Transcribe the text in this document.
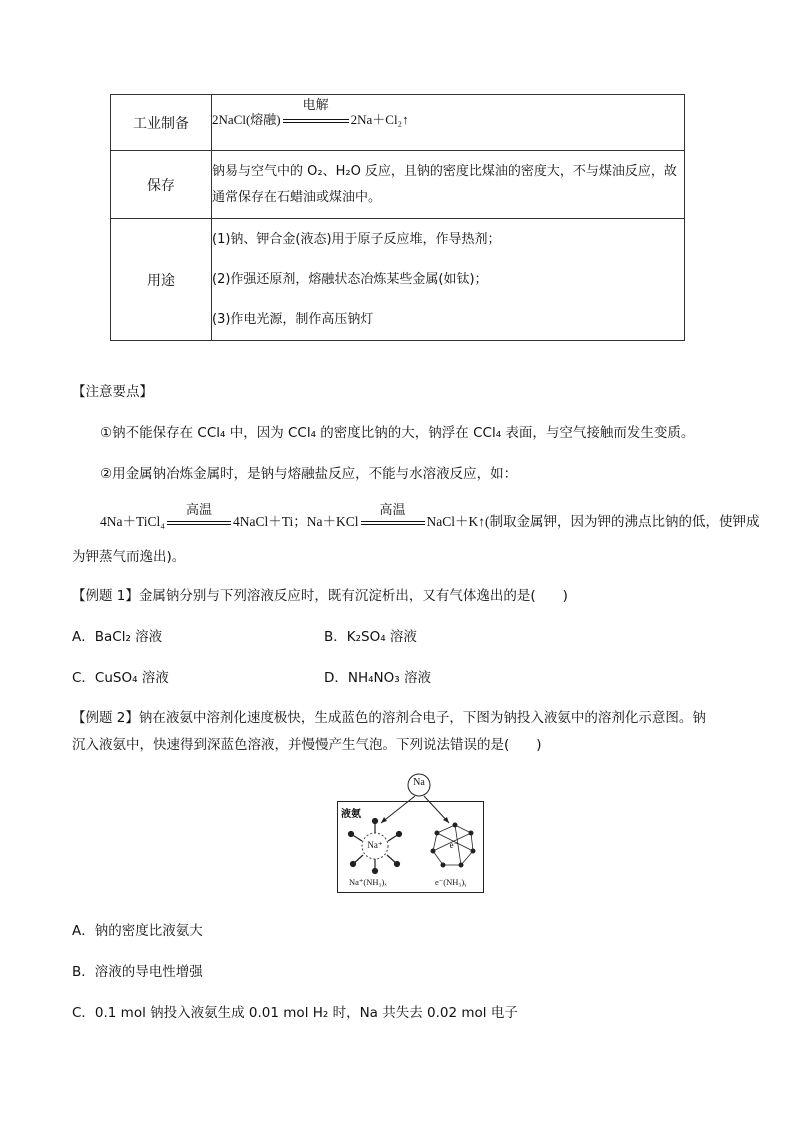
工业制备	2NaCl(熔融)
电解
2Na＋Cl₂↑
保存	钠易与空气中的 O₂、H₂O 反应，且钠的密度比煤油的密度大，不与煤油反应，故通常保存在石蜡油或煤油中。
用途	(1)钠、钾合金(液态)用于原子反应堆，作导热剂；
(2)作强还原剂，熔融状态冶炼某些金属(如钛)；
(3)作电光源，制作高压钠灯
【注意要点】
①钠不能保存在 CCl₄ 中，因为 CCl₄ 的密度比钠的大，钠浮在 CCl₄ 表面，与空气接触而发生变质。
②用金属钠冶炼金属时，是钠与熔融盐反应，不能与水溶液反应，如：
4Na＋TiCl₄
高温
4NaCl＋Ti；Na＋KCl
高温
NaCl＋K↑(制取金属钾，因为钾的沸点比钠的低，使钾成
为钾蒸气而逸出)。
【例题 1】金属钠分别与下列溶液反应时，既有沉淀析出，又有气体逸出的是(　　)
A．BaCl₂ 溶液	B．K₂SO₄ 溶液
C．CuSO₄ 溶液	D．NH₄NO₃ 溶液
【例题 2】钠在液氨中溶剂化速度极快，生成蓝色的溶剂合电子，下图为钠投入液氨中的溶剂化示意图。钠
沉入液氨中，快速得到深蓝色溶液，并慢慢产生气泡。下列说法错误的是(　　)
Na
液氨
Na⁺	e⁻
Na⁺(NH₃)ₓ	e⁻(NH₃)ᵧ
A．钠的密度比液氨大
B．溶液的导电性增强
C．0.1 mol 钠投入液氨生成 0.01 mol H₂ 时，Na 共失去 0.02 mol 电子
